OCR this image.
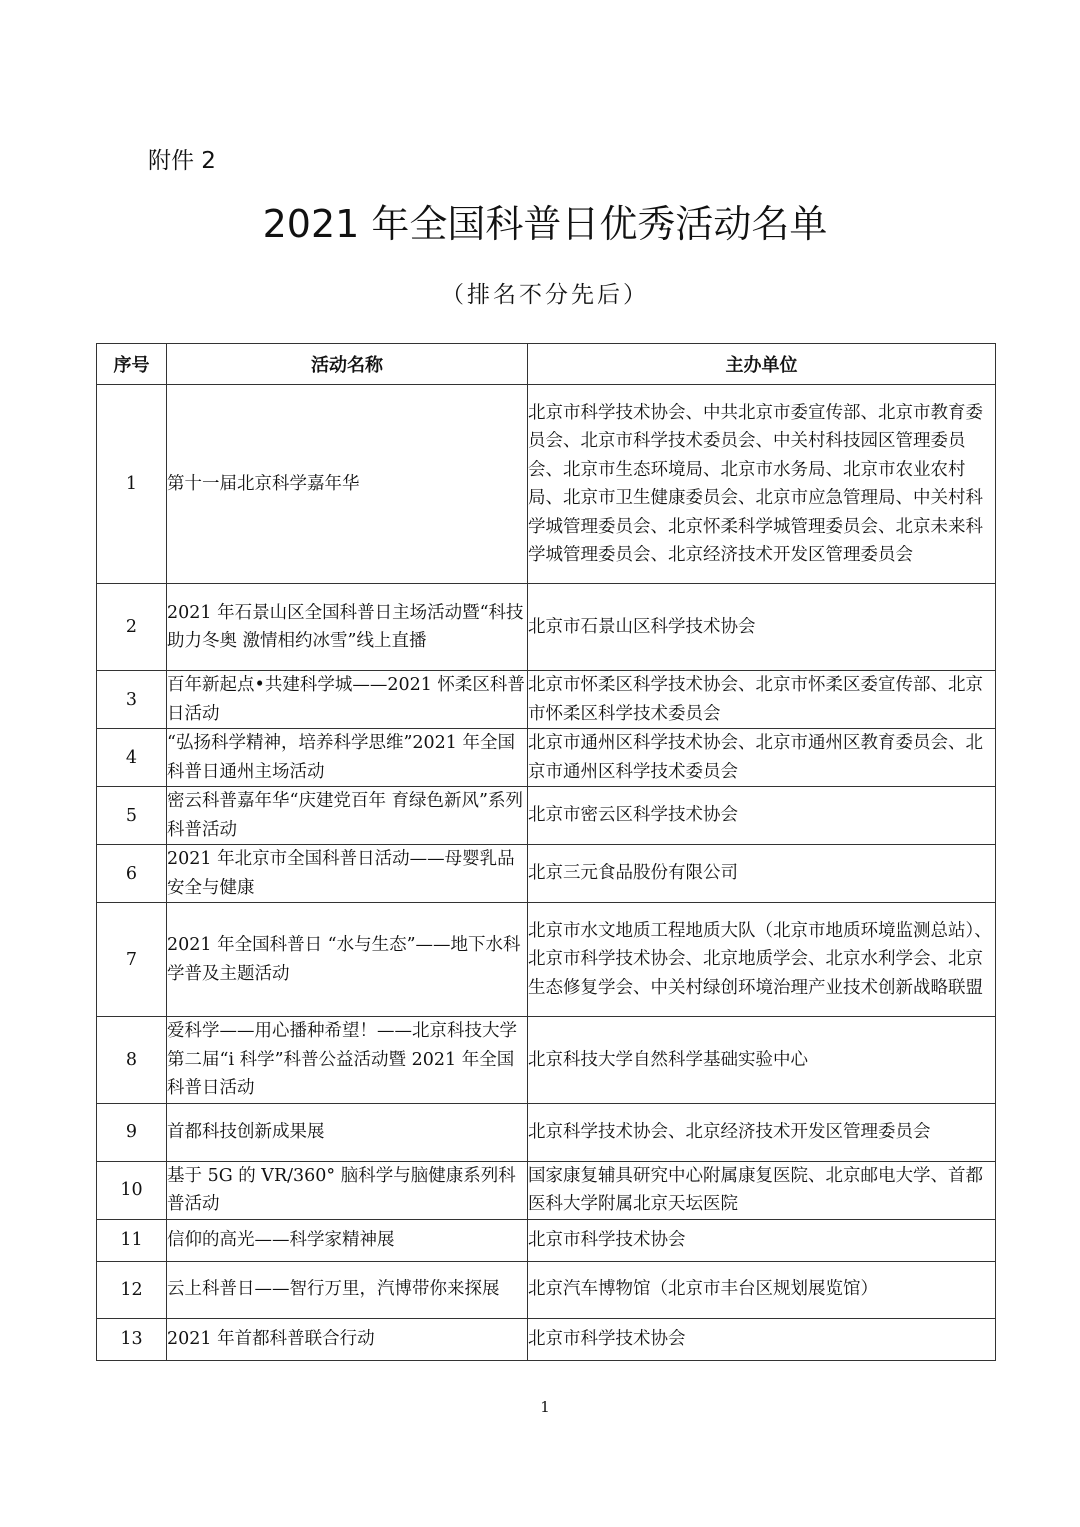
附件 2
2021 年全国科普日优秀活动名单
（排名不分先后）
序号	活动名称	主办单位
1	第十一届北京科学嘉年华	北京市科学技术协会、中共北京市委宣传部、北京市教育委员会、北京市科学技术委员会、中关村科技园区管理委员会、北京市生态环境局、北京市水务局、北京市农业农村局、北京市卫生健康委员会、北京市应急管理局、中关村科学城管理委员会、北京怀柔科学城管理委员会、北京未来科学城管理委员会、北京经济技术开发区管理委员会
2	2021 年石景山区全国科普日主场活动暨“科技助力冬奥 激情相约冰雪”线上直播	北京市石景山区科学技术协会
3	百年新起点•共建科学城——2021 怀柔区科普日活动	北京市怀柔区科学技术协会、北京市怀柔区委宣传部、北京市怀柔区科学技术委员会
4	“弘扬科学精神，培养科学思维”2021 年全国科普日通州主场活动	北京市通州区科学技术协会、北京市通州区教育委员会、北京市通州区科学技术委员会
5	密云科普嘉年华“庆建党百年 育绿色新风”系列科普活动	北京市密云区科学技术协会
6	2021 年北京市全国科普日活动——母婴乳品安全与健康	北京三元食品股份有限公司
7	2021 年全国科普日 “水与生态”——地下水科学普及主题活动	北京市水文地质工程地质大队（北京市地质环境监测总站）、北京市科学技术协会、北京地质学会、北京水利学会、北京生态修复学会、中关村绿创环境治理产业技术创新战略联盟
8	爱科学——用心播种希望！——北京科技大学第二届“i 科学”科普公益活动暨 2021 年全国科普日活动	北京科技大学自然科学基础实验中心
9	首都科技创新成果展	北京科学技术协会、北京经济技术开发区管理委员会
10	基于 5G 的 VR/360° 脑科学与脑健康系列科普活动	国家康复辅具研究中心附属康复医院、北京邮电大学、首都医科大学附属北京天坛医院
11	信仰的高光——科学家精神展	北京市科学技术协会
12	云上科普日——智行万里，汽博带你来探展	北京汽车博物馆（北京市丰台区规划展览馆）
13	2021 年首都科普联合行动	北京市科学技术协会
1
